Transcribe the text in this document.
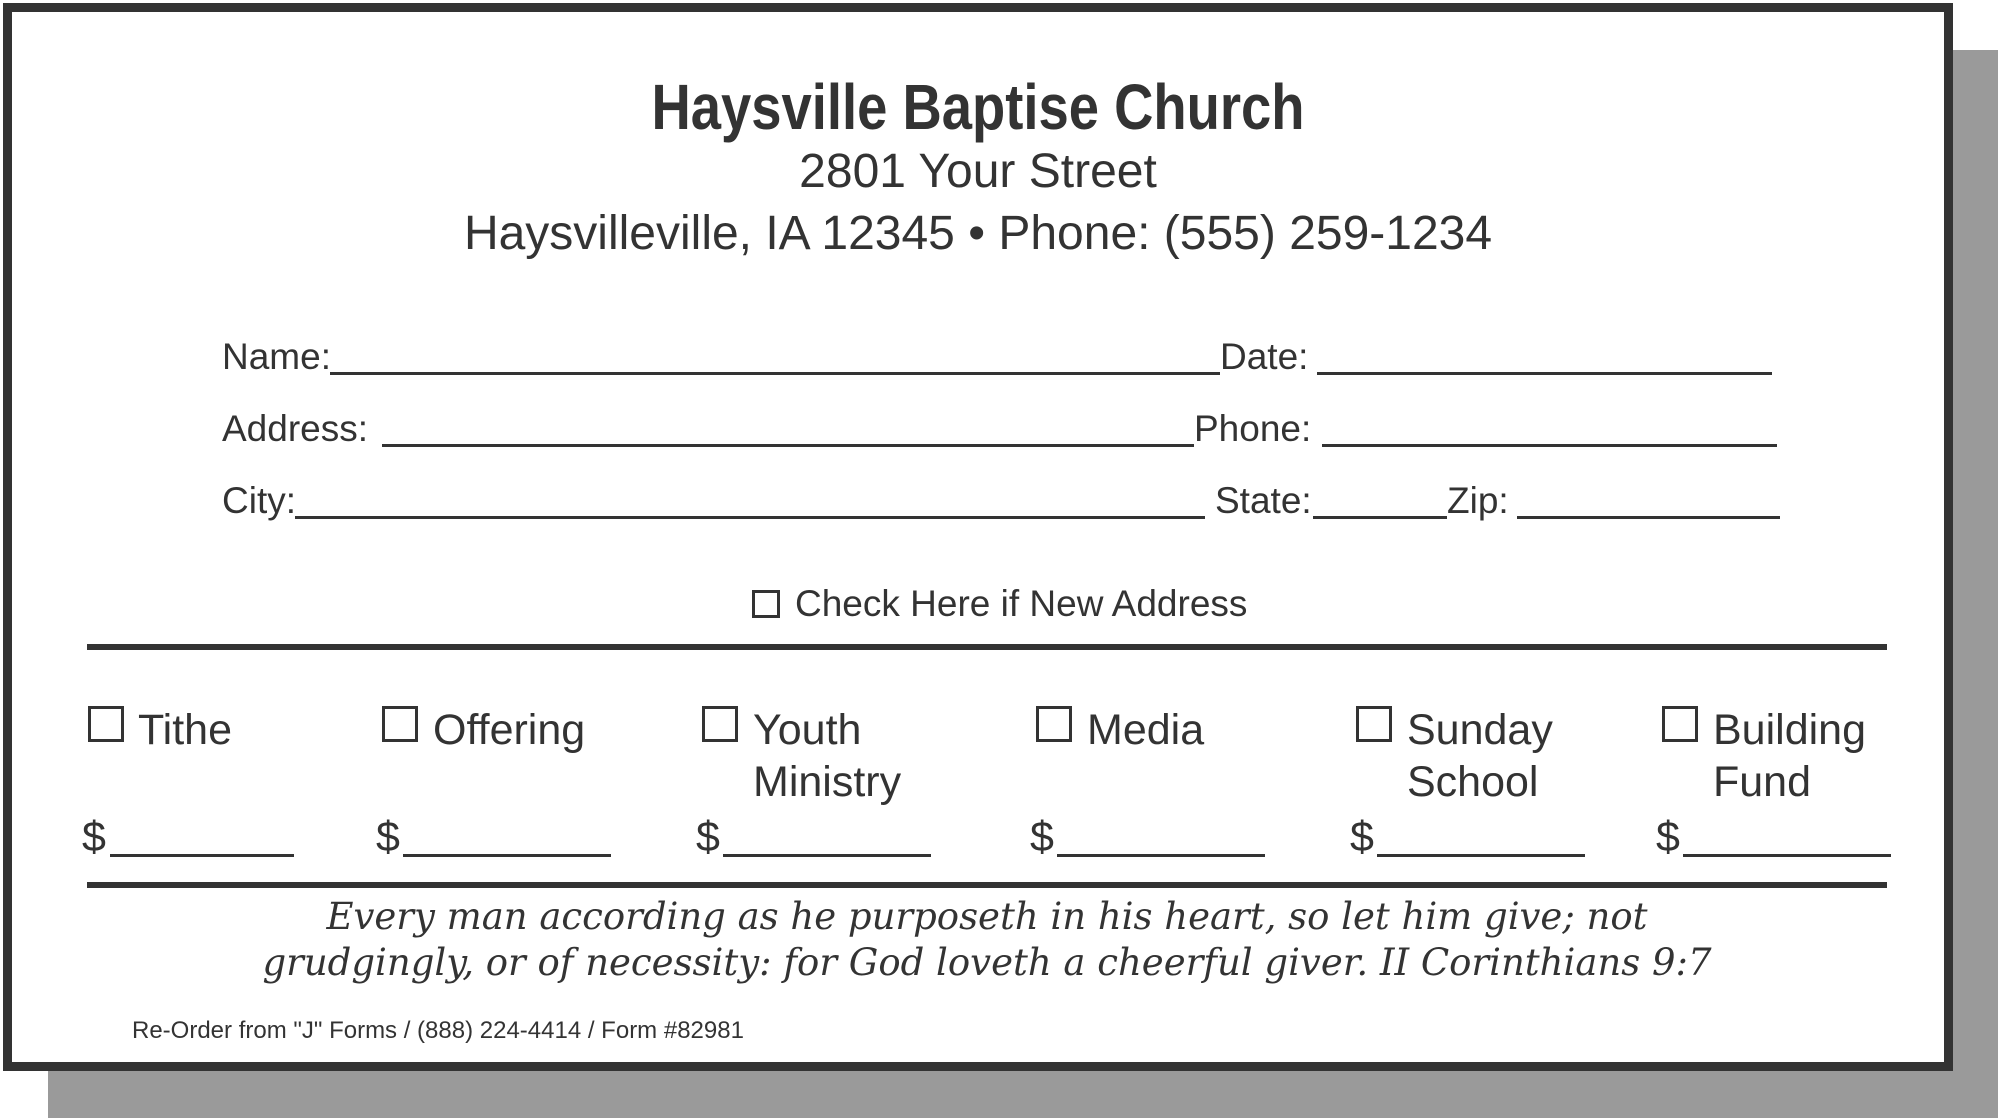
Haysville Baptise Church
2801 Your Street
Haysvilleville, IA 12345 • Phone: (555) 259-1234
Name:	Date:
Address:	Phone:
City:	State:	Zip:
Check Here if New Address
Tithe
$
Offering
$
Youth
Ministry
$
Media
$
Sunday
School
$
Building
Fund
$
Every man according as he purposeth in his heart, so let him give; not
grudgingly, or of necessity: for God loveth a cheerful giver. II Corinthians 9:7
Re-Order from "J" Forms / (888) 224-4414 / Form #82981
